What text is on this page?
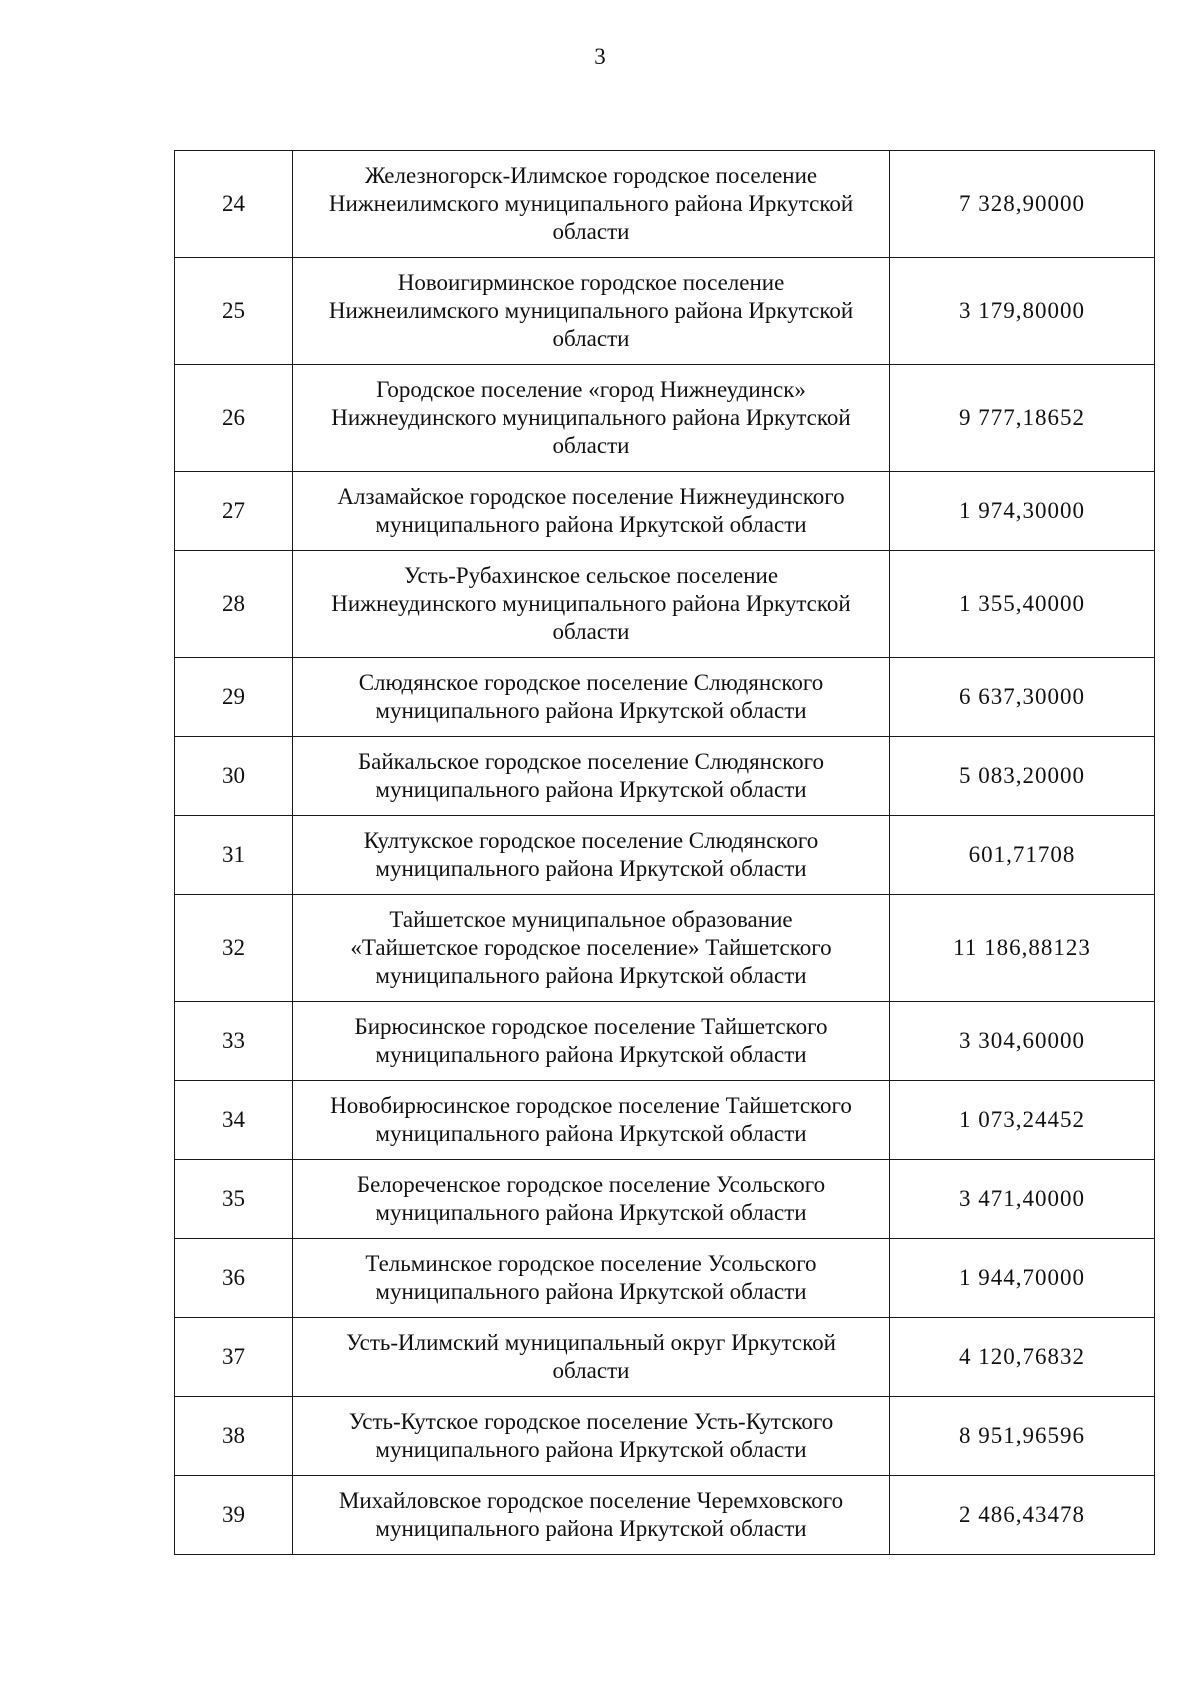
3
24	Железногорск-Илимское городское поселение
Нижнеилимского муниципального района Иркутской
области	7 328,90000
25	Новоигирминское городское поселение
Нижнеилимского муниципального района Иркутской
области	3 179,80000
26	Городское поселение «город Нижнеудинск»
Нижнеудинского муниципального района Иркутской
области	9 777,18652
27	Алзамайское городское поселение Нижнеудинского
муниципального района Иркутской области	1 974,30000
28	Усть-Рубахинское сельское поселение
Нижнеудинского муниципального района Иркутской
области	1 355,40000
29	Слюдянское городское поселение Слюдянского
муниципального района Иркутской области	6 637,30000
30	Байкальское городское поселение Слюдянского
муниципального района Иркутской области	5 083,20000
31	Култукское городское поселение Слюдянского
муниципального района Иркутской области	601,71708
32	Тайшетское муниципальное образование
«Тайшетское городское поселение» Тайшетского
муниципального района Иркутской области	11 186,88123
33	Бирюсинское городское поселение Тайшетского
муниципального района Иркутской области	3 304,60000
34	Новобирюсинское городское поселение Тайшетского
муниципального района Иркутской области	1 073,24452
35	Белореченское городское поселение Усольского
муниципального района Иркутской области	3 471,40000
36	Тельминское городское поселение Усольского
муниципального района Иркутской области	1 944,70000
37	Усть-Илимский муниципальный округ Иркутской
области	4 120,76832
38	Усть-Кутское городское поселение Усть-Кутского
муниципального района Иркутской области	8 951,96596
39	Михайловское городское поселение Черемховского
муниципального района Иркутской области	2 486,43478
